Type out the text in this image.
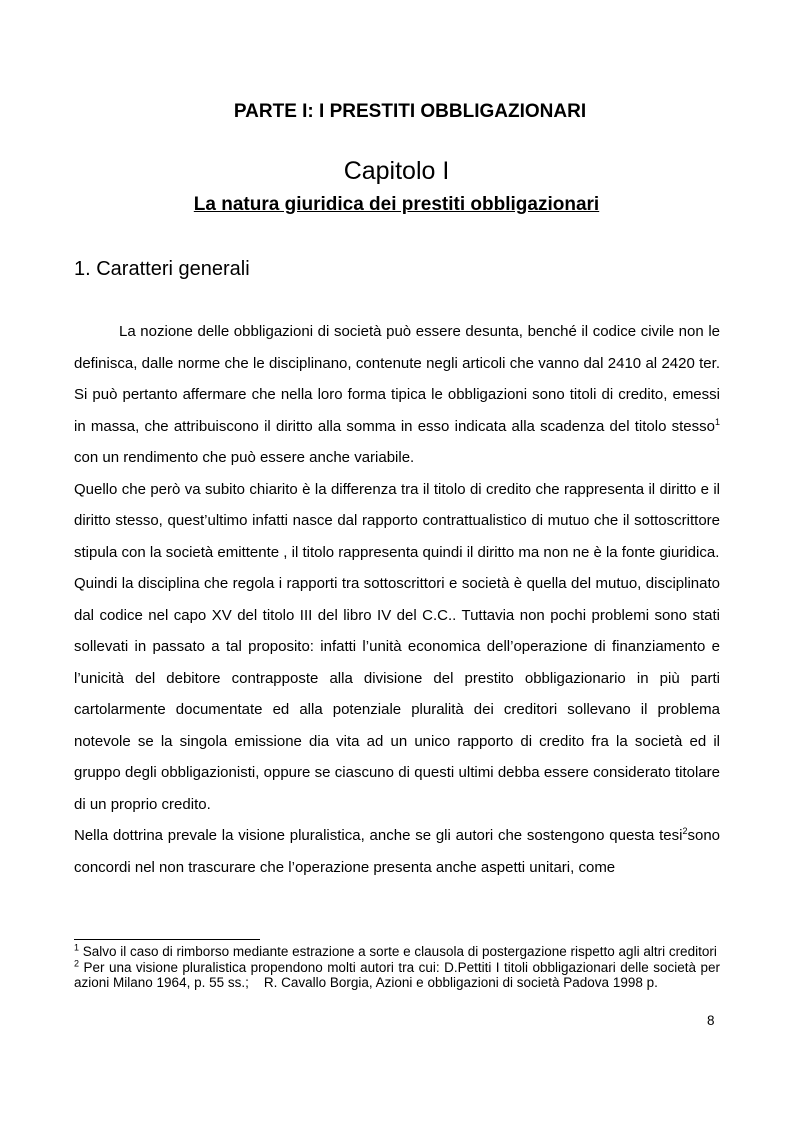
PARTE I: I PRESTITI OBBLIGAZIONARI
Capitolo I
La natura giuridica dei prestiti obbligazionari
1. Caratteri generali

La nozione delle obbligazioni di società può essere desunta, benché il codice civile non le definisca, dalle norme che le disciplinano, contenute negli articoli che vanno dal 2410 al 2420 ter. Si può pertanto affermare che nella loro forma tipica le obbligazioni sono titoli di credito, emessi in massa, che attribuiscono il diritto alla somma in esso indicata alla scadenza del titolo stesso$^1$  con un rendimento che può essere anche variabile.

Quello che però va subito chiarito è la differenza tra il titolo di credito che rappresenta il diritto e il diritto stesso, quest’ultimo infatti nasce dal rapporto contrattualistico di mutuo che il sottoscrittore stipula con la società emittente , il titolo rappresenta quindi il diritto ma non ne è la fonte giuridica.

Quindi la disciplina che regola i rapporti tra sottoscrittori e società è quella del mutuo, disciplinato dal codice nel capo XV del titolo III del libro IV del C.C.. Tuttavia non pochi problemi sono stati sollevati in passato a tal proposito: infatti l’unità economica dell’operazione di finanziamento e l’unicità del debitore contrapposte alla divisione del prestito obbligazionario in più parti cartolarmente documentate ed alla potenziale pluralità dei creditori sollevano il problema notevole se la singola emissione dia vita ad un unico rapporto di credito fra la società ed il gruppo degli obbligazionisti, oppure se ciascuno di questi ultimi debba essere considerato titolare di un proprio credito.

Nella dottrina prevale la visione pluralistica, anche se gli autori che sostengono questa tesi$^2$sono concordi nel non trascurare che l’operazione presenta anche aspetti unitari, come

$^1$ Salvo il caso di rimborso mediante estrazione a sorte e clausola di postergazione rispetto agli altri creditori

$^2$ Per una visione pluralistica propendono molti autori tra cui: D.Pettiti I titoli obbligazionari delle società per azioni Milano 1964, p. 55 ss.;    R. Cavallo Borgia, Azioni e obbligazioni di società Padova 1998 p.

8
